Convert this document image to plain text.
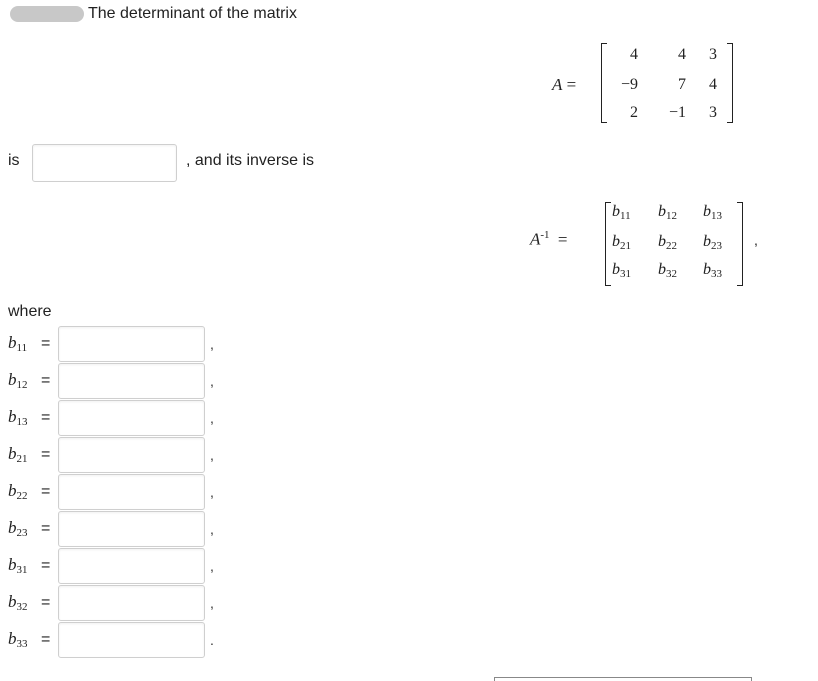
The determinant of the matrix
A =
4	4 3
−9	7 4
2 −1 3
is	, and its inverse is
$A^{-1}$ =
$b_{11}$ $b_{12}$ $b_{13}$
$b_{21}$ $b_{22}$ $b_{23}$
$b_{31}$ $b_{32}$ $b_{33}$
,
where
$b_{11}$ =	,
$b_{12}$ =	,
$b_{13}$ =	,
$b_{21}$ =	,
$b_{22}$ =	,
$b_{23}$ =	,
$b_{31}$ =	,
$b_{32}$ =	,
$b_{33}$ =	.
